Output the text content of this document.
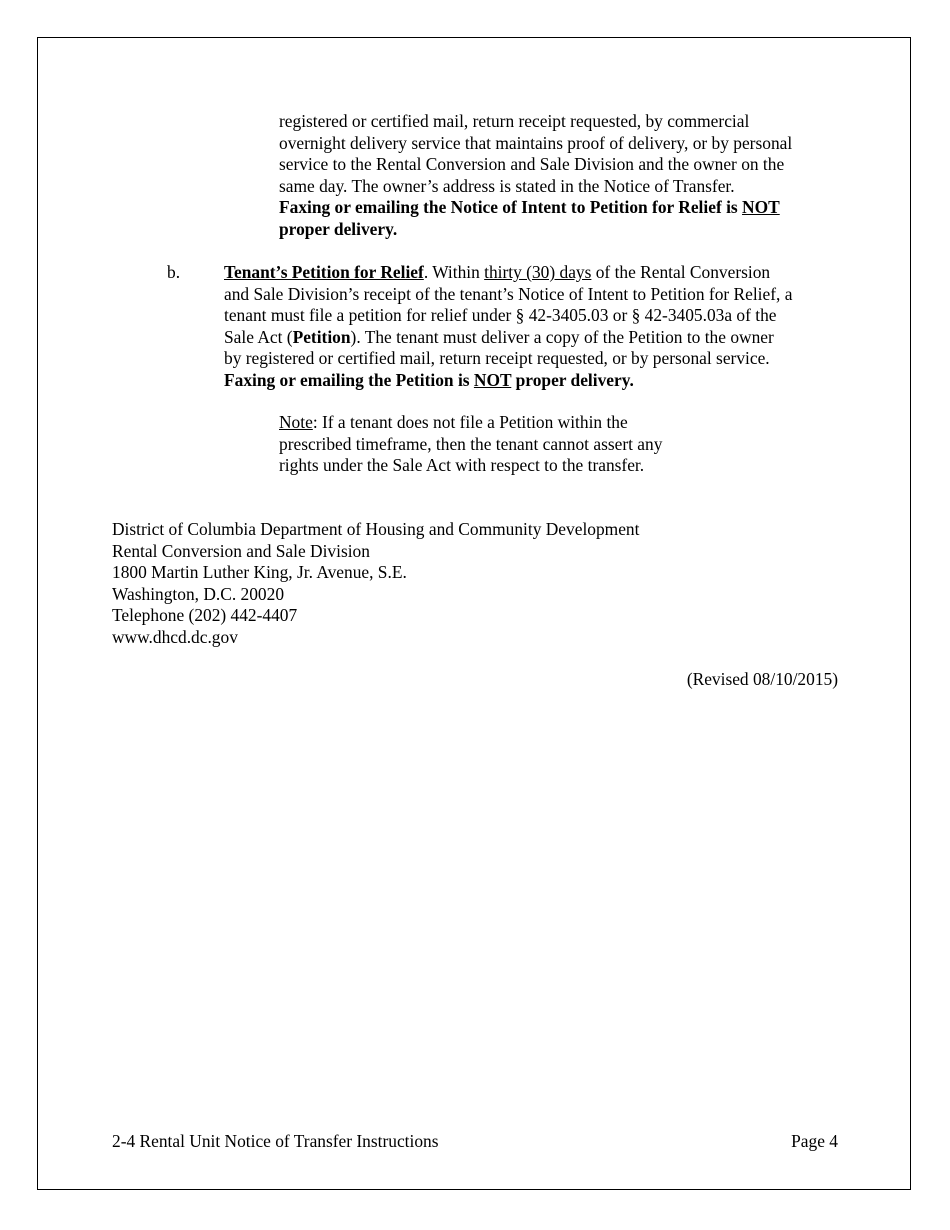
registered or certified mail, return receipt requested, by commercial
overnight delivery service that maintains proof of delivery, or by personal
service to the Rental Conversion and Sale Division and the owner on the
same day. The owner’s address is stated in the Notice of Transfer.
Faxing or emailing the Notice of Intent to Petition for Relief is NOT
proper delivery.
b.	Tenant’s Petition for Relief. Within thirty (30) days of the Rental Conversion
and Sale Division’s receipt of the tenant’s Notice of Intent to Petition for Relief, a
tenant must file a petition for relief under § 42-3405.03 or § 42-3405.03a of the
Sale Act (Petition). The tenant must deliver a copy of the Petition to the owner
by registered or certified mail, return receipt requested, or by personal service.
Faxing or emailing the Petition is NOT proper delivery.
Note: If a tenant does not file a Petition within the
prescribed timeframe, then the tenant cannot assert any
rights under the Sale Act with respect to the transfer.
District of Columbia Department of Housing and Community Development
Rental Conversion and Sale Division
1800 Martin Luther King, Jr. Avenue, S.E.
Washington, D.C. 20020
Telephone (202) 442-4407
www.dhcd.dc.gov
(Revised 08/10/2015)
2-4 Rental Unit Notice of Transfer Instructions	Page 4
